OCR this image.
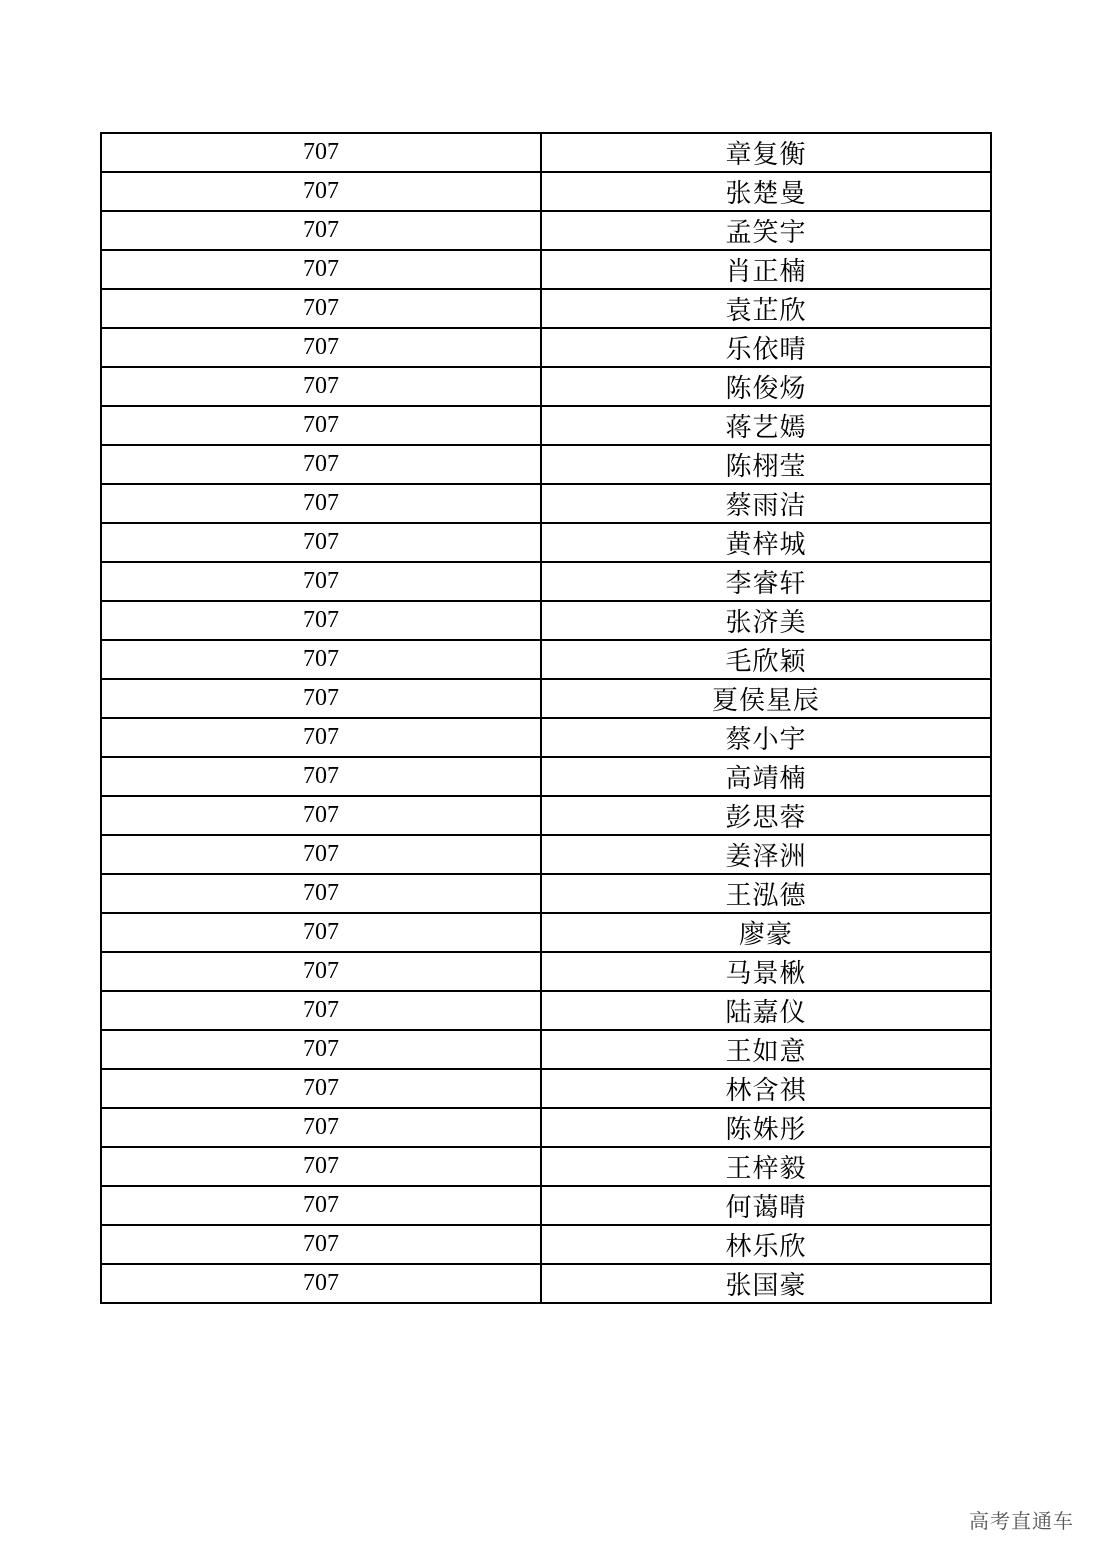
707	章复衡
707	张楚曼
707	孟笑宇
707	肖正楠
707	袁芷欣
707	乐依晴
707	陈俊炀
707	蒋艺嫣
707	陈栩莹
707	蔡雨洁
707	黄梓城
707	李睿轩
707	张济美
707	毛欣颖
707	夏侯星辰
707	蔡小宇
707	高靖楠
707	彭思蓉
707	姜泽洲
707	王泓德
707	廖豪
707	马景楸
707	陆嘉仪
707	王如意
707	林含祺
707	陈姝彤
707	王梓毅
707	何蔼晴
707	林乐欣
707	张国豪
高考直通车
